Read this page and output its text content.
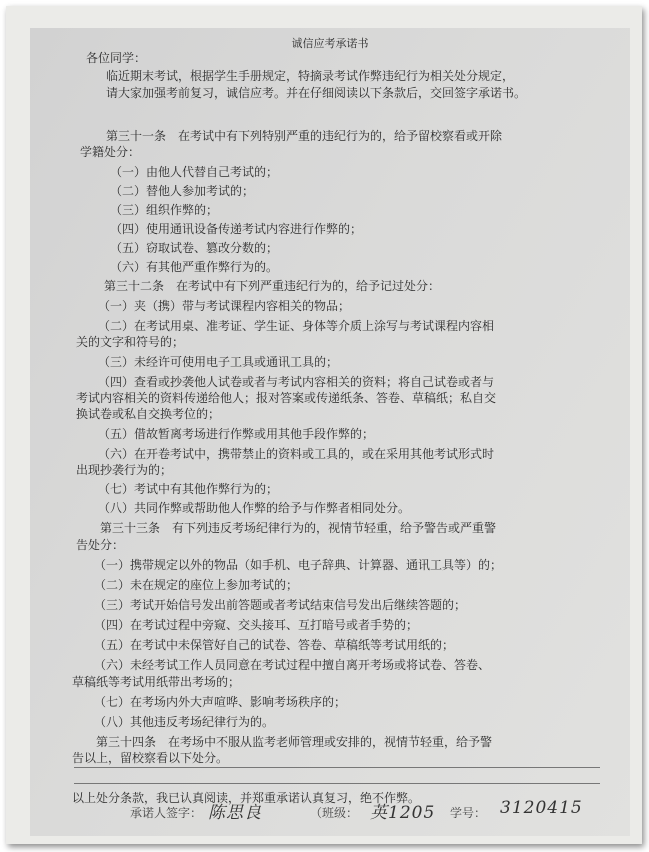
诚信应考承诺书
各位同学：
　　临近期末考试，根据学生手册规定，特摘录考试作弊违纪行为相关处分规定，
　　请大家加强考前复习，诚信应考。并在仔细阅读以下条款后，交回签字承诺书。
　　第三十一条　在考试中有下列特别严重的违纪行为的，给予留校察看或开除
学籍处分：
　　（一）由他人代替自己考试的；
　　（二）替他人参加考试的；
　　（三）组织作弊的；
　　（四）使用通讯设备传递考试内容进行作弊的；
　　（五）窃取试卷、篡改分数的；
　　（六）有其他严重作弊行为的。
　　第三十二条　在考试中有下列严重违纪行为的，给予记过处分：
　　（一）夹（携）带与考试课程内容相关的物品；
　　（二）在考试用桌、准考证、学生证、身体等介质上涂写与考试课程内容相
关的文字和符号的；
　　（三）未经许可使用电子工具或通讯工具的；
　　（四）查看或抄袭他人试卷或者与考试内容相关的资料；将自己试卷或者与
考试内容相关的资料传递给他人；报对答案或传递纸条、答卷、草稿纸；私自交
换试卷或私自交换考位的；
　　（五）借故暂离考场进行作弊或用其他手段作弊的；
　　（六）在开卷考试中，携带禁止的资料或工具的，或在采用其他考试形式时
出现抄袭行为的；
　　（七）考试中有其他作弊行为的；
　　（八）共同作弊或帮助他人作弊的给予与作弊者相同处分。
　　第三十三条　有下列违反考场纪律行为的，视情节轻重，给予警告或严重警
告处分：
　　（一）携带规定以外的物品（如手机、电子辞典、计算器、通讯工具等）的；
　　（二）未在规定的座位上参加考试的；
　　（三）考试开始信号发出前答题或者考试结束信号发出后继续答题的；
　　（四）在考试过程中旁窥、交头接耳、互打暗号或者手势的；
　　（五）在考试中未保管好自己的试卷、答卷、草稿纸等考试用纸的；
　　（六）未经考试工作人员同意在考试过程中擅自离开考场或将试卷、答卷、
草稿纸等考试用纸带出考场的；
　　（七）在考场内外大声喧哗、影响考场秩序的；
　　（八）其他违反考场纪律行为的。
　　第三十四条　在考场中不服从监考老师管理或安排的，视情节轻重，给予警
告以上，留校察看以下处分。
以上处分条款，我已认真阅读，并郑重承诺认真复习，绝不作弊。
承诺人签字： 陈思良	（班级： 英1205 学号： 3120415
